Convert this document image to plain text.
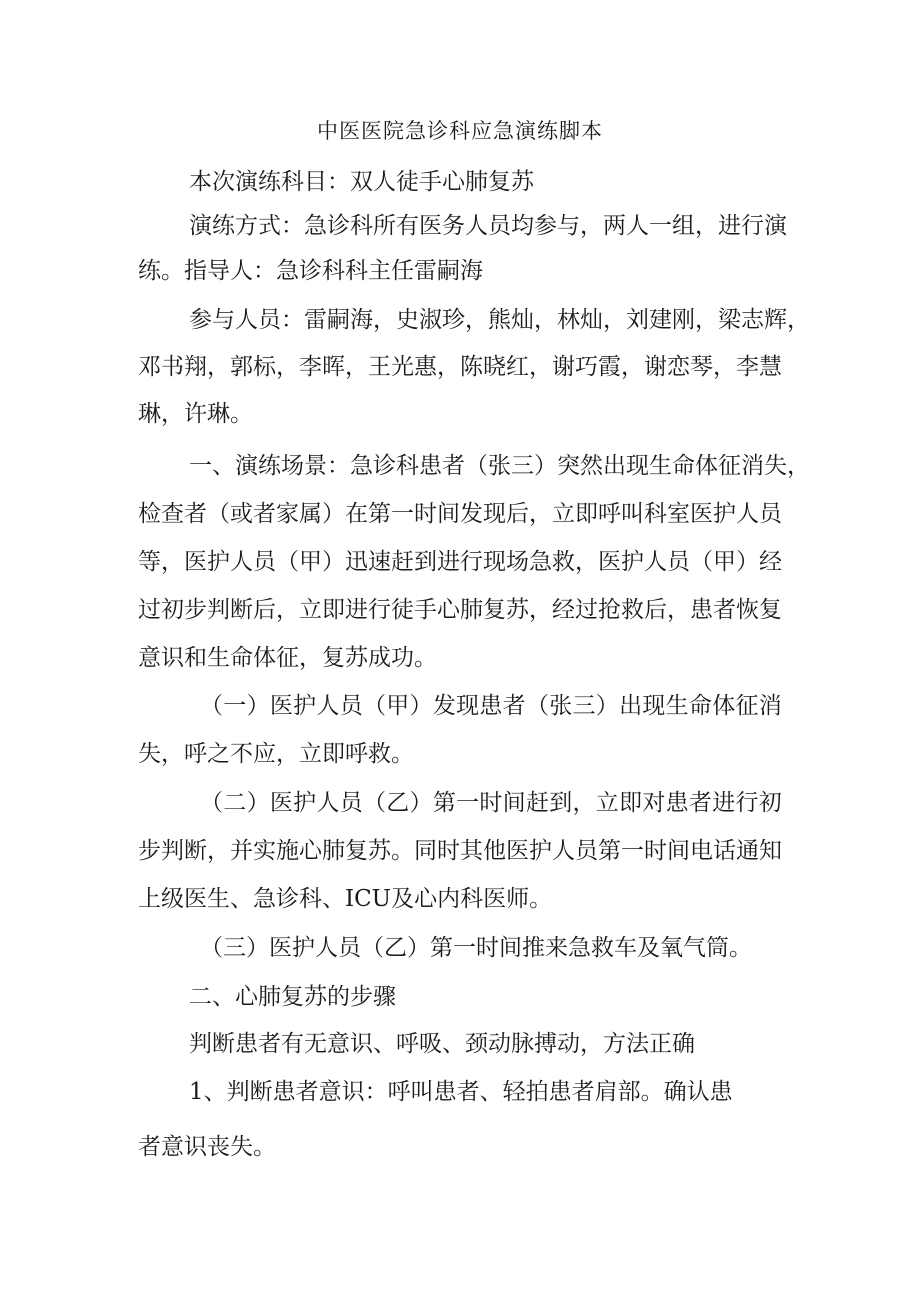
中医医院急诊科应急演练脚本
本次演练科目：双人徒手心肺复苏
演 练 方 式 ： 急 诊 科 所 有 医 务 人 员 均 参 与 ， 两 人 一 组 ， 进 行 演
练。指导人：急诊科科主任雷嗣海
参 与 人 员 ： 雷 嗣 海 ， 史 淑 珍 ， 熊 灿 ， 林 灿 ， 刘 建 刚 ， 梁 志 辉 ，
邓 书 翔 ， 郭 标 ， 李 晖 ， 王 光 惠 ， 陈 晓 红 ， 谢 巧 霞 ， 谢 恋 琴 ， 李 慧
琳，许琳。
一 、 演 练 场 景 ： 急 诊 科 患 者 （ 张 三 ） 突 然 出 现 生 命 体 征 消 失 ，
检 查 者 （ 或 者 家 属 ） 在 第 一 时 间 发 现 后 ， 立 即 呼 叫 科 室 医 护 人 员
等 ， 医 护 人 员 （ 甲 ） 迅 速 赶 到 进 行 现 场 急 救 ， 医 护 人 员 （ 甲 ） 经
过 初 步 判 断 后 ， 立 即 进 行 徒 手 心 肺 复 苏 ， 经 过 抢 救 后 ， 患 者 恢 复
意识和生命体征，复苏成功。
（ 一 ） 医 护 人 员 （ 甲 ） 发 现 患 者 （ 张 三 ） 出 现 生 命 体 征 消
失，呼之不应，立即呼救。
（ 二 ） 医 护 人 员 （ 乙 ） 第 一 时 间 赶 到 ， 立 即 对 患 者 进 行 初
步 判 断 ， 并 实 施 心 肺 复 苏 。 同 时 其 他 医 护 人 员 第 一 时 间 电 话 通 知
上级医生、急诊科、ICU及心内科医师。
（三）医护人员（乙）第一时间推来急救车及氧气筒。
二、心肺复苏的步骤
判断患者有无意识、呼吸、颈动脉搏动，方法正确
1、判断患者意识：呼叫患者、轻拍患者肩部。确认患
者意识丧失。
